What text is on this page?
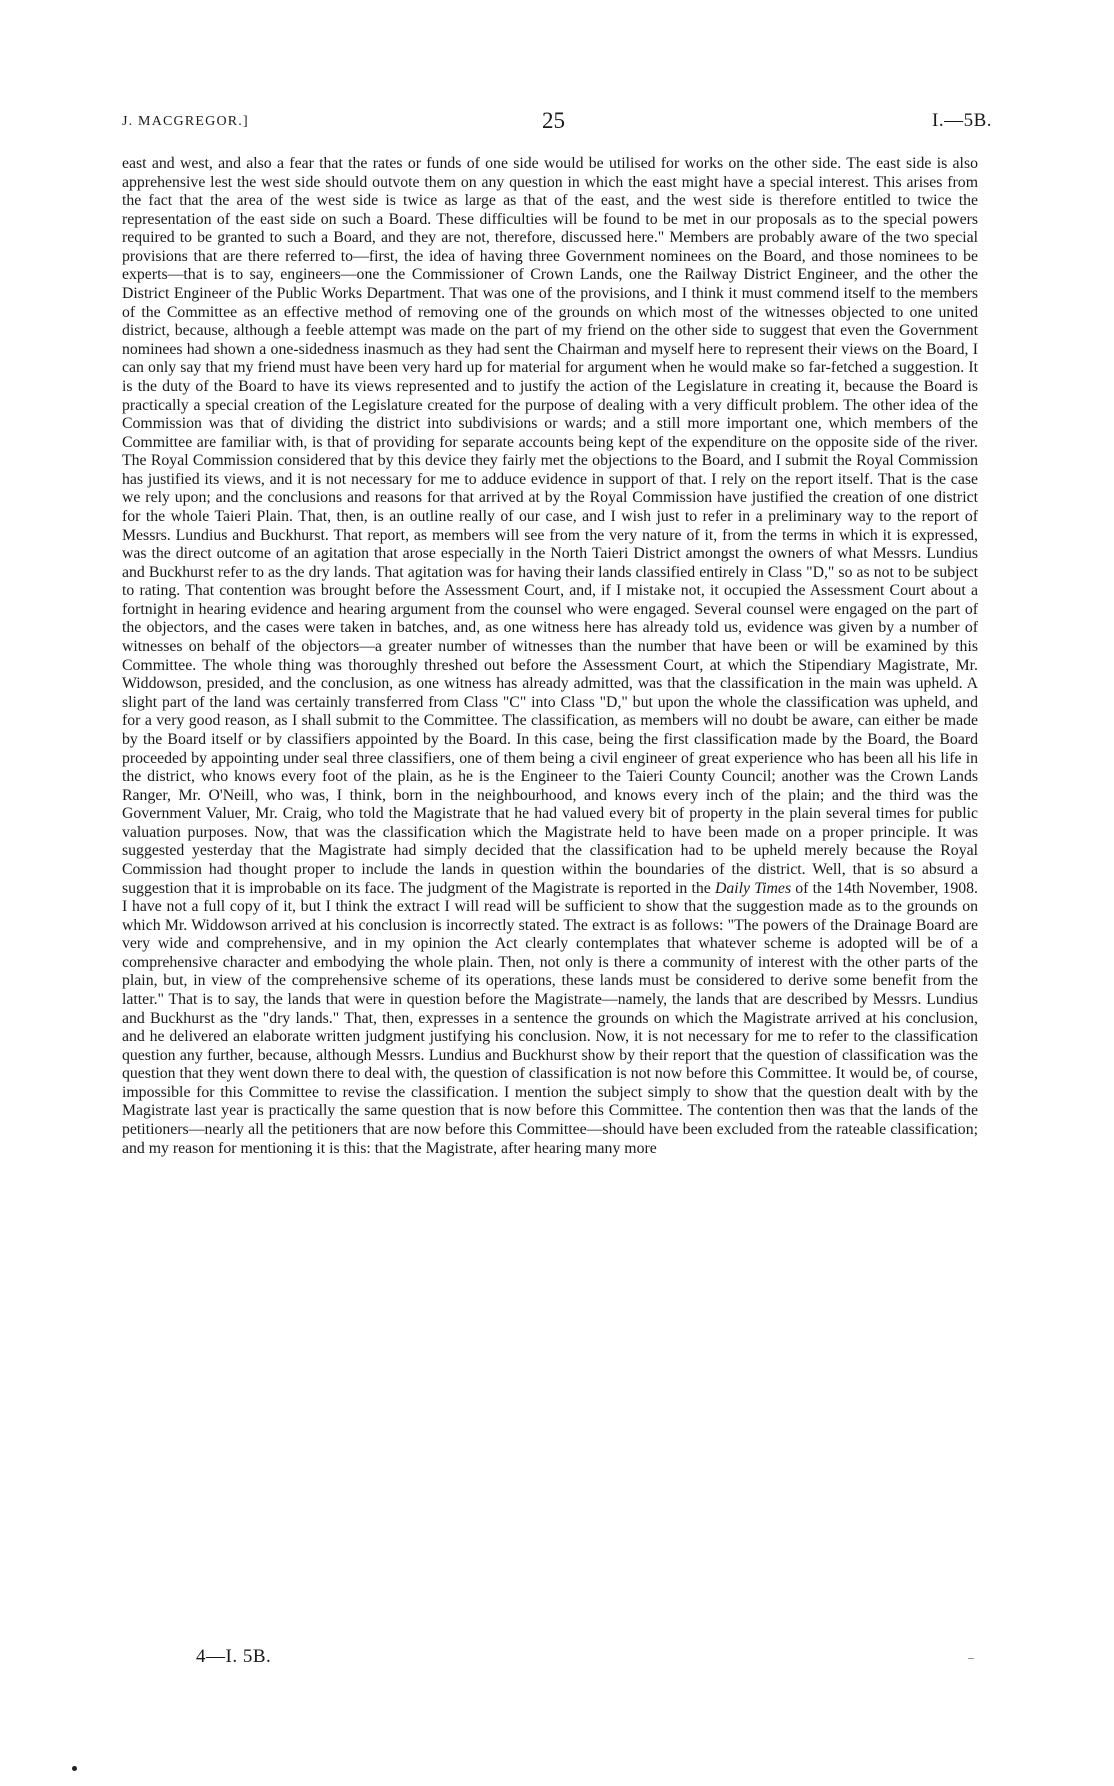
J. MACGREGOR.]	25	I.—5B.

east and west, and also a fear that the rates or funds of one side would be utilised for works on the other side. The east side is also apprehensive lest the west side should outvote them on any question in which the east might have a special interest. This arises from the fact that the area of the west side is twice as large as that of the east, and the west side is therefore entitled to twice the representation of the east side on such a Board. These difficulties will be found to be met in our proposals as to the special powers required to be granted to such a Board, and they are not, therefore, discussed here." Members are probably aware of the two special provisions that are there referred to—first, the idea of having three Government nominees on the Board, and those nominees to be experts—that is to say, engineers—one the Commissioner of Crown Lands, one the Railway District Engineer, and the other the District Engineer of the Public Works Department. That was one of the provisions, and I think it must commend itself to the members of the Committee as an effective method of removing one of the grounds on which most of the witnesses objected to one united district, because, although a feeble attempt was made on the part of my friend on the other side to suggest that even the Government nominees had shown a one-sidedness inasmuch as they had sent the Chairman and myself here to represent their views on the Board, I can only say that my friend must have been very hard up for material for argument when he would make so far-fetched a suggestion. It is the duty of the Board to have its views represented and to justify the action of the Legislature in creating it, because the Board is practically a special creation of the Legislature created for the purpose of dealing with a very difficult problem. The other idea of the Commission was that of dividing the district into subdivisions or wards; and a still more important one, which members of the Committee are familiar with, is that of providing for separate accounts being kept of the expenditure on the opposite side of the river. The Royal Commission considered that by this device they fairly met the objections to the Board, and I submit the Royal Commission has justified its views, and it is not necessary for me to adduce evidence in support of that. I rely on the report itself. That is the case we rely upon; and the conclusions and reasons for that arrived at by the Royal Commission have justified the creation of one district for the whole Taieri Plain. That, then, is an outline really of our case, and I wish just to refer in a preliminary way to the report of Messrs. Lundius and Buckhurst. That report, as members will see from the very nature of it, from the terms in which it is expressed, was the direct outcome of an agitation that arose especially in the North Taieri District amongst the owners of what Messrs. Lundius and Buckhurst refer to as the dry lands. That agitation was for having their lands classified entirely in Class "D," so as not to be subject to rating. That contention was brought before the Assessment Court, and, if I mistake not, it occupied the Assessment Court about a fortnight in hearing evidence and hearing argument from the counsel who were engaged. Several counsel were engaged on the part of the objectors, and the cases were taken in batches, and, as one witness here has already told us, evidence was given by a number of witnesses on behalf of the objectors—a greater number of witnesses than the number that have been or will be examined by this Committee. The whole thing was thoroughly threshed out before the Assessment Court, at which the Stipendiary Magistrate, Mr. Widdowson, presided, and the conclusion, as one witness has already admitted, was that the classification in the main was upheld. A slight part of the land was certainly transferred from Class "C" into Class "D," but upon the whole the classification was upheld, and for a very good reason, as I shall submit to the Committee. The classification, as members will no doubt be aware, can either be made by the Board itself or by classifiers appointed by the Board. In this case, being the first classification made by the Board, the Board proceeded by appointing under seal three classifiers, one of them being a civil engineer of great experience who has been all his life in the district, who knows every foot of the plain, as he is the Engineer to the Taieri County Council; another was the Crown Lands Ranger, Mr. O'Neill, who was, I think, born in the neighbourhood, and knows every inch of the plain; and the third was the Government Valuer, Mr. Craig, who told the Magistrate that he had valued every bit of property in the plain several times for public valuation purposes. Now, that was the classification which the Magistrate held to have been made on a proper principle. It was suggested yesterday that the Magistrate had simply decided that the classification had to be upheld merely because the Royal Commission had thought proper to include the lands in question within the boundaries of the district. Well, that is so absurd a suggestion that it is improbable on its face. The judgment of the Magistrate is reported in the Daily Times of the 14th November, 1908. I have not a full copy of it, but I think the extract I will read will be sufficient to show that the suggestion made as to the grounds on which Mr. Widdowson arrived at his conclusion is incorrectly stated. The extract is as follows: "The powers of the Drainage Board are very wide and comprehensive, and in my opinion the Act clearly contemplates that whatever scheme is adopted will be of a comprehensive character and embodying the whole plain. Then, not only is there a community of interest with the other parts of the plain, but, in view of the comprehensive scheme of its operations, these lands must be considered to derive some benefit from the latter." That is to say, the lands that were in question before the Magistrate—namely, the lands that are described by Messrs. Lundius and Buckhurst as the "dry lands." That, then, expresses in a sentence the grounds on which the Magistrate arrived at his conclusion, and he delivered an elaborate written judgment justifying his conclusion. Now, it is not necessary for me to refer to the classification question any further, because, although Messrs. Lundius and Buckhurst show by their report that the question of classification was the question that they went down there to deal with, the question of classification is not now before this Committee. It would be, of course, impossible for this Committee to revise the classification. I mention the subject simply to show that the question dealt with by the Magistrate last year is practically the same question that is now before this Committee. The contention then was that the lands of the petitioners—nearly all the petitioners that are now before this Committee—should have been excluded from the rateable classification; and my reason for mentioning it is this: that the Magistrate, after hearing many more

4—I. 5B.
